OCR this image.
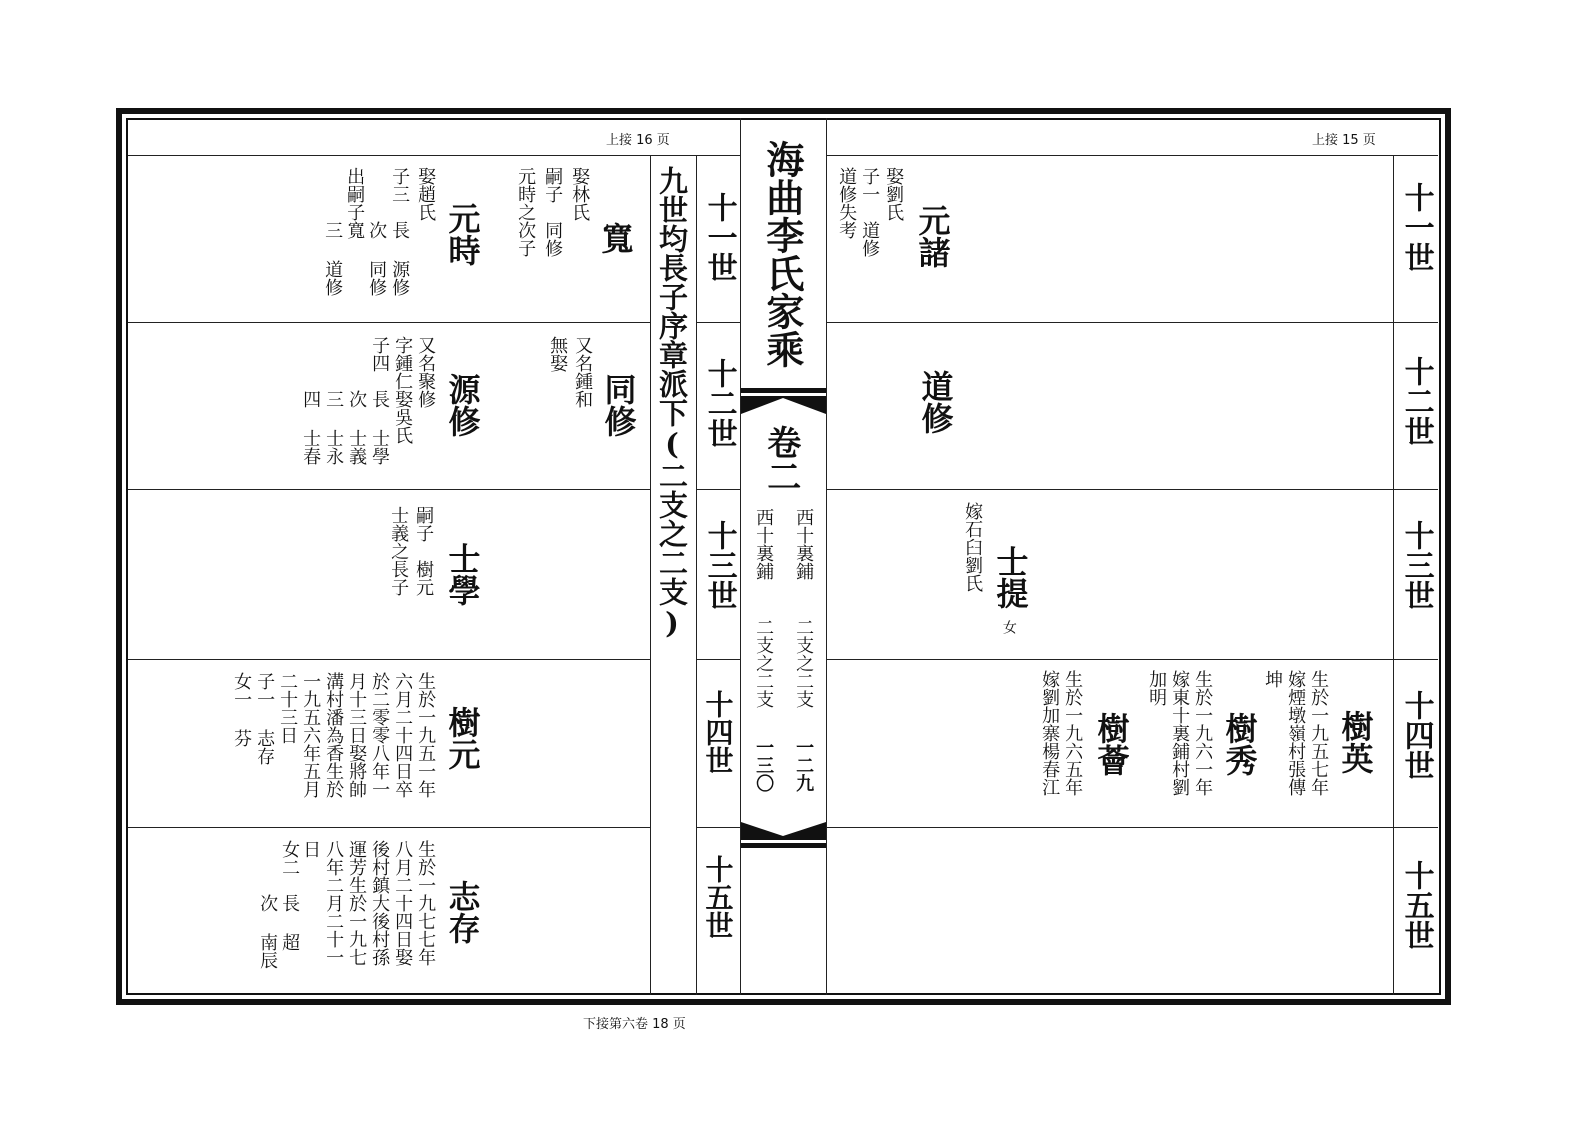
上接 16 页	上接 15 页
下接第六卷 18 页
海曲李氏家乘
卷二
西十裏鋪
西十裏鋪
二支之二支
二支之二支
一二九
一三〇
九世均長子序章派下(二支之二支) 十一世
十二世
十三世
十四世
十五世
十一世
十二世
十三世
十四世
十五世
寬
娶林氏
嗣子　同修
元時之次子
元時
娶趙氏
子三　長 源修
　　　次 同修
出嗣子寬
　　　三 道修
同修
又名鍾和
無娶
源修
又名聚修
字鍾仁娶吳氏
子四　長 士學
　　　次 士義
　　　三 士永
　　　四 士春
士學
嗣子　樹元
士義之長子
樹元
生於一九五一年
六月二十四日卒
於二零零八年一
月十三日娶將帥
溝村潘為香生於
一九五六年五月
二十三日
子一 志存
女一 芬
志存
生於一九七七年
八月二十四日娶
後村鎮大後村孫
運芳生於一九七
八年二月二十一
日
女二　長 超
　　　次 南辰
元諸
娶劉氏
子一　道修
道修失考
道修
士提
嫁石臼劉氏
女
樹英
生於一九五七年
嫁煙墩嶺村張傳
坤
樹秀
生於一九六一年
嫁東十裏鋪村劉
加明
樹薈
生於一九六五年
嫁劉加寨楊春江
